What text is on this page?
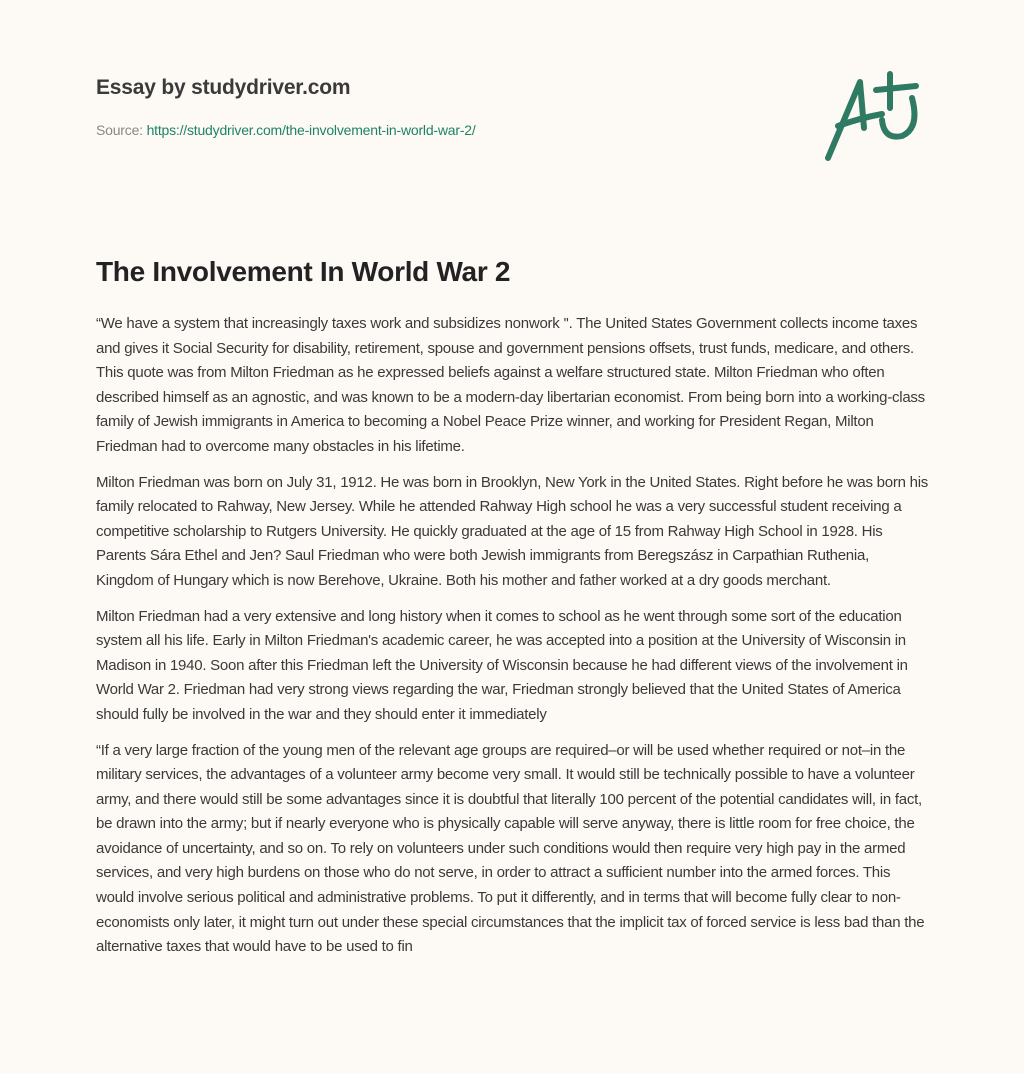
Essay by studydriver.com
Source: https://studydriver.com/the-involvement-in-world-war-2/
The Involvement In World War 2

“We have a system that increasingly taxes work and subsidizes nonwork ''. The United States Government collects income taxes and gives it Social Security for disability, retirement, spouse and government pensions offsets, trust funds, medicare, and others. This quote was from Milton Friedman as he expressed beliefs against a welfare structured state. Milton Friedman who often described himself as an agnostic, and was known to be a modern-day libertarian economist. From being born into a working-class family of Jewish immigrants in America to becoming a Nobel Peace Prize winner, and working for President Regan, Milton Friedman had to overcome many obstacles in his lifetime.

Milton Friedman was born on July 31, 1912. He was born in Brooklyn, New York in the United States. Right before he was born his family relocated to Rahway, New Jersey. While he attended Rahway High school he was a very successful student receiving a competitive scholarship to Rutgers University. He quickly graduated at the age of 15 from Rahway High School in 1928. His Parents Sára Ethel and Jen? Saul Friedman who were both Jewish immigrants from Beregszász in Carpathian Ruthenia, Kingdom of Hungary which is now Berehove, Ukraine. Both his mother and father worked at a dry goods merchant.

Milton Friedman had a very extensive and long history when it comes to school as he went through some sort of the education system all his life. Early in Milton Friedman's academic career, he was accepted into a position at the University of Wisconsin in Madison in 1940. Soon after this Friedman left the University of Wisconsin because he had different views of the involvement in World War 2. Friedman had very strong views regarding the war, Friedman strongly believed that the United States of America should fully be involved in the war and they should enter it immediately

“If a very large fraction of the young men of the relevant age groups are required–or will be used whether required or not–in the military services, the advantages of a volunteer army become very small. It would still be technically possible to have a volunteer army, and there would still be some advantages since it is doubtful that literally 100 percent of the potential candidates will, in fact, be drawn into the army; but if nearly everyone who is physically capable will serve anyway, there is little room for free choice, the avoidance of uncertainty, and so on. To rely on volunteers under such conditions would then require very high pay in the armed services, and very high burdens on those who do not serve, in order to attract a sufficient number into the armed forces. This would involve serious political and administrative problems. To put it differently, and in terms that will become fully clear to non-economists only later, it might turn out under these special circumstances that the implicit tax of forced service is less bad than the alternative taxes that would have to be used to fin
